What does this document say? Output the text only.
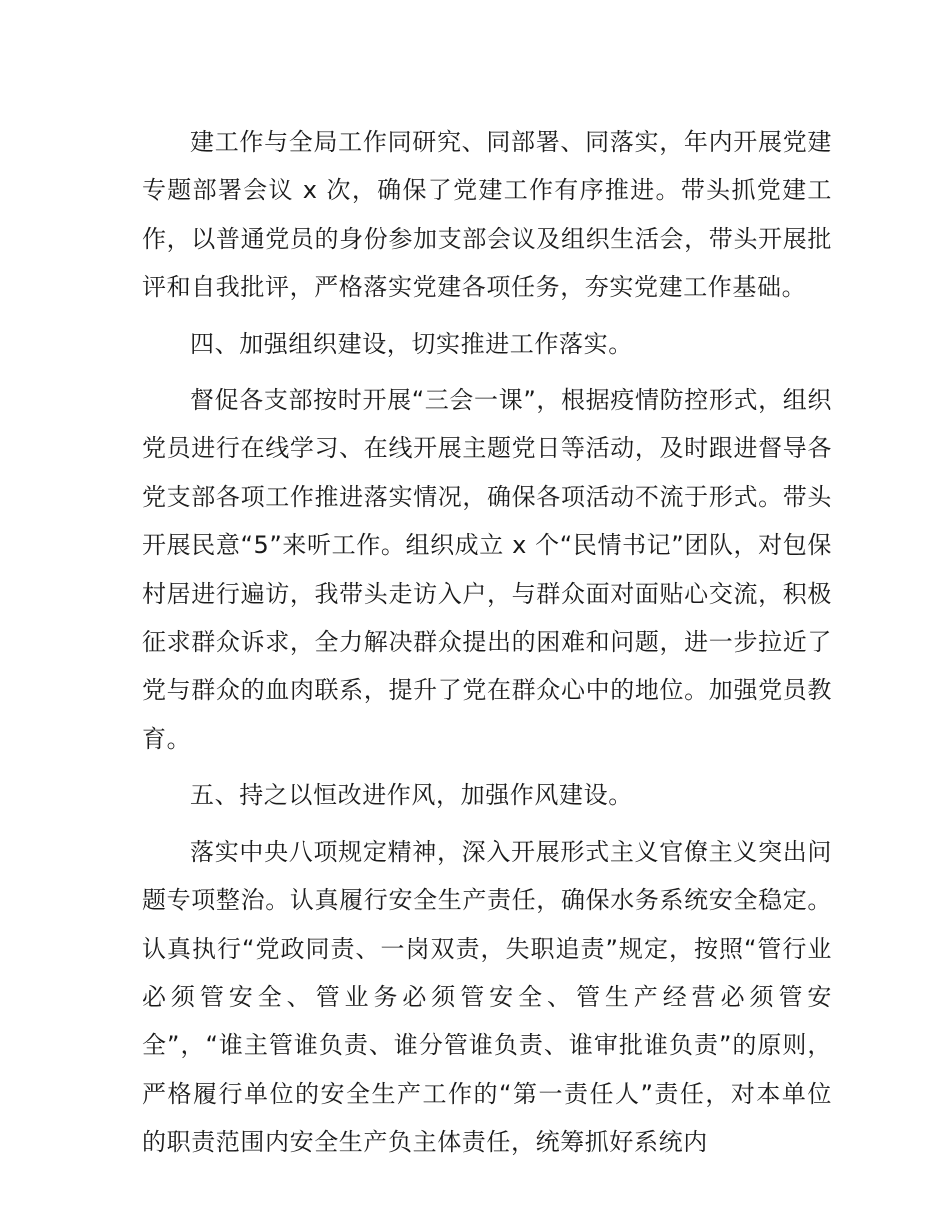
建工作与全局工作同研究、同部署、同落实，年内开展党建专题部署会议 x 次，确保了党建工作有序推进。带头抓党建工作，以普通党员的身份参加支部会议及组织生活会，带头开展批评和自我批评，严格落实党建各项任务，夯实党建工作基础。

四、加强组织建设，切实推进工作落实。

督促各支部按时开展“三会一课”，根据疫情防控形式，组织党员进行在线学习、在线开展主题党日等活动，及时跟进督导各党支部各项工作推进落实情况，确保各项活动不流于形式。带头开展民意“5”来听工作。组织成立 x 个“民情书记”团队，对包保村居进行遍访，我带头走访入户，与群众面对面贴心交流，积极征求群众诉求，全力解决群众提出的困难和问题，进一步拉近了党与群众的血肉联系，提升了党在群众心中的地位。加强党员教育。

五、持之以恒改进作风，加强作风建设。

落实中央八项规定精神，深入开展形式主义官僚主义突出问题专项整治。认真履行安全生产责任，确保水务系统安全稳定。认真执行“党政同责、一岗双责，失职追责”规定，按照“管行业必须管安全、管业务必须管安全、管生产经营必须管安全”，“谁主管谁负责、谁分管谁负责、谁审批谁负责”的原则，严格履行单位的安全生产工作的“第一责任人”责任，对本单位的职责范围内安全生产负主体责任，统筹抓好系统内
